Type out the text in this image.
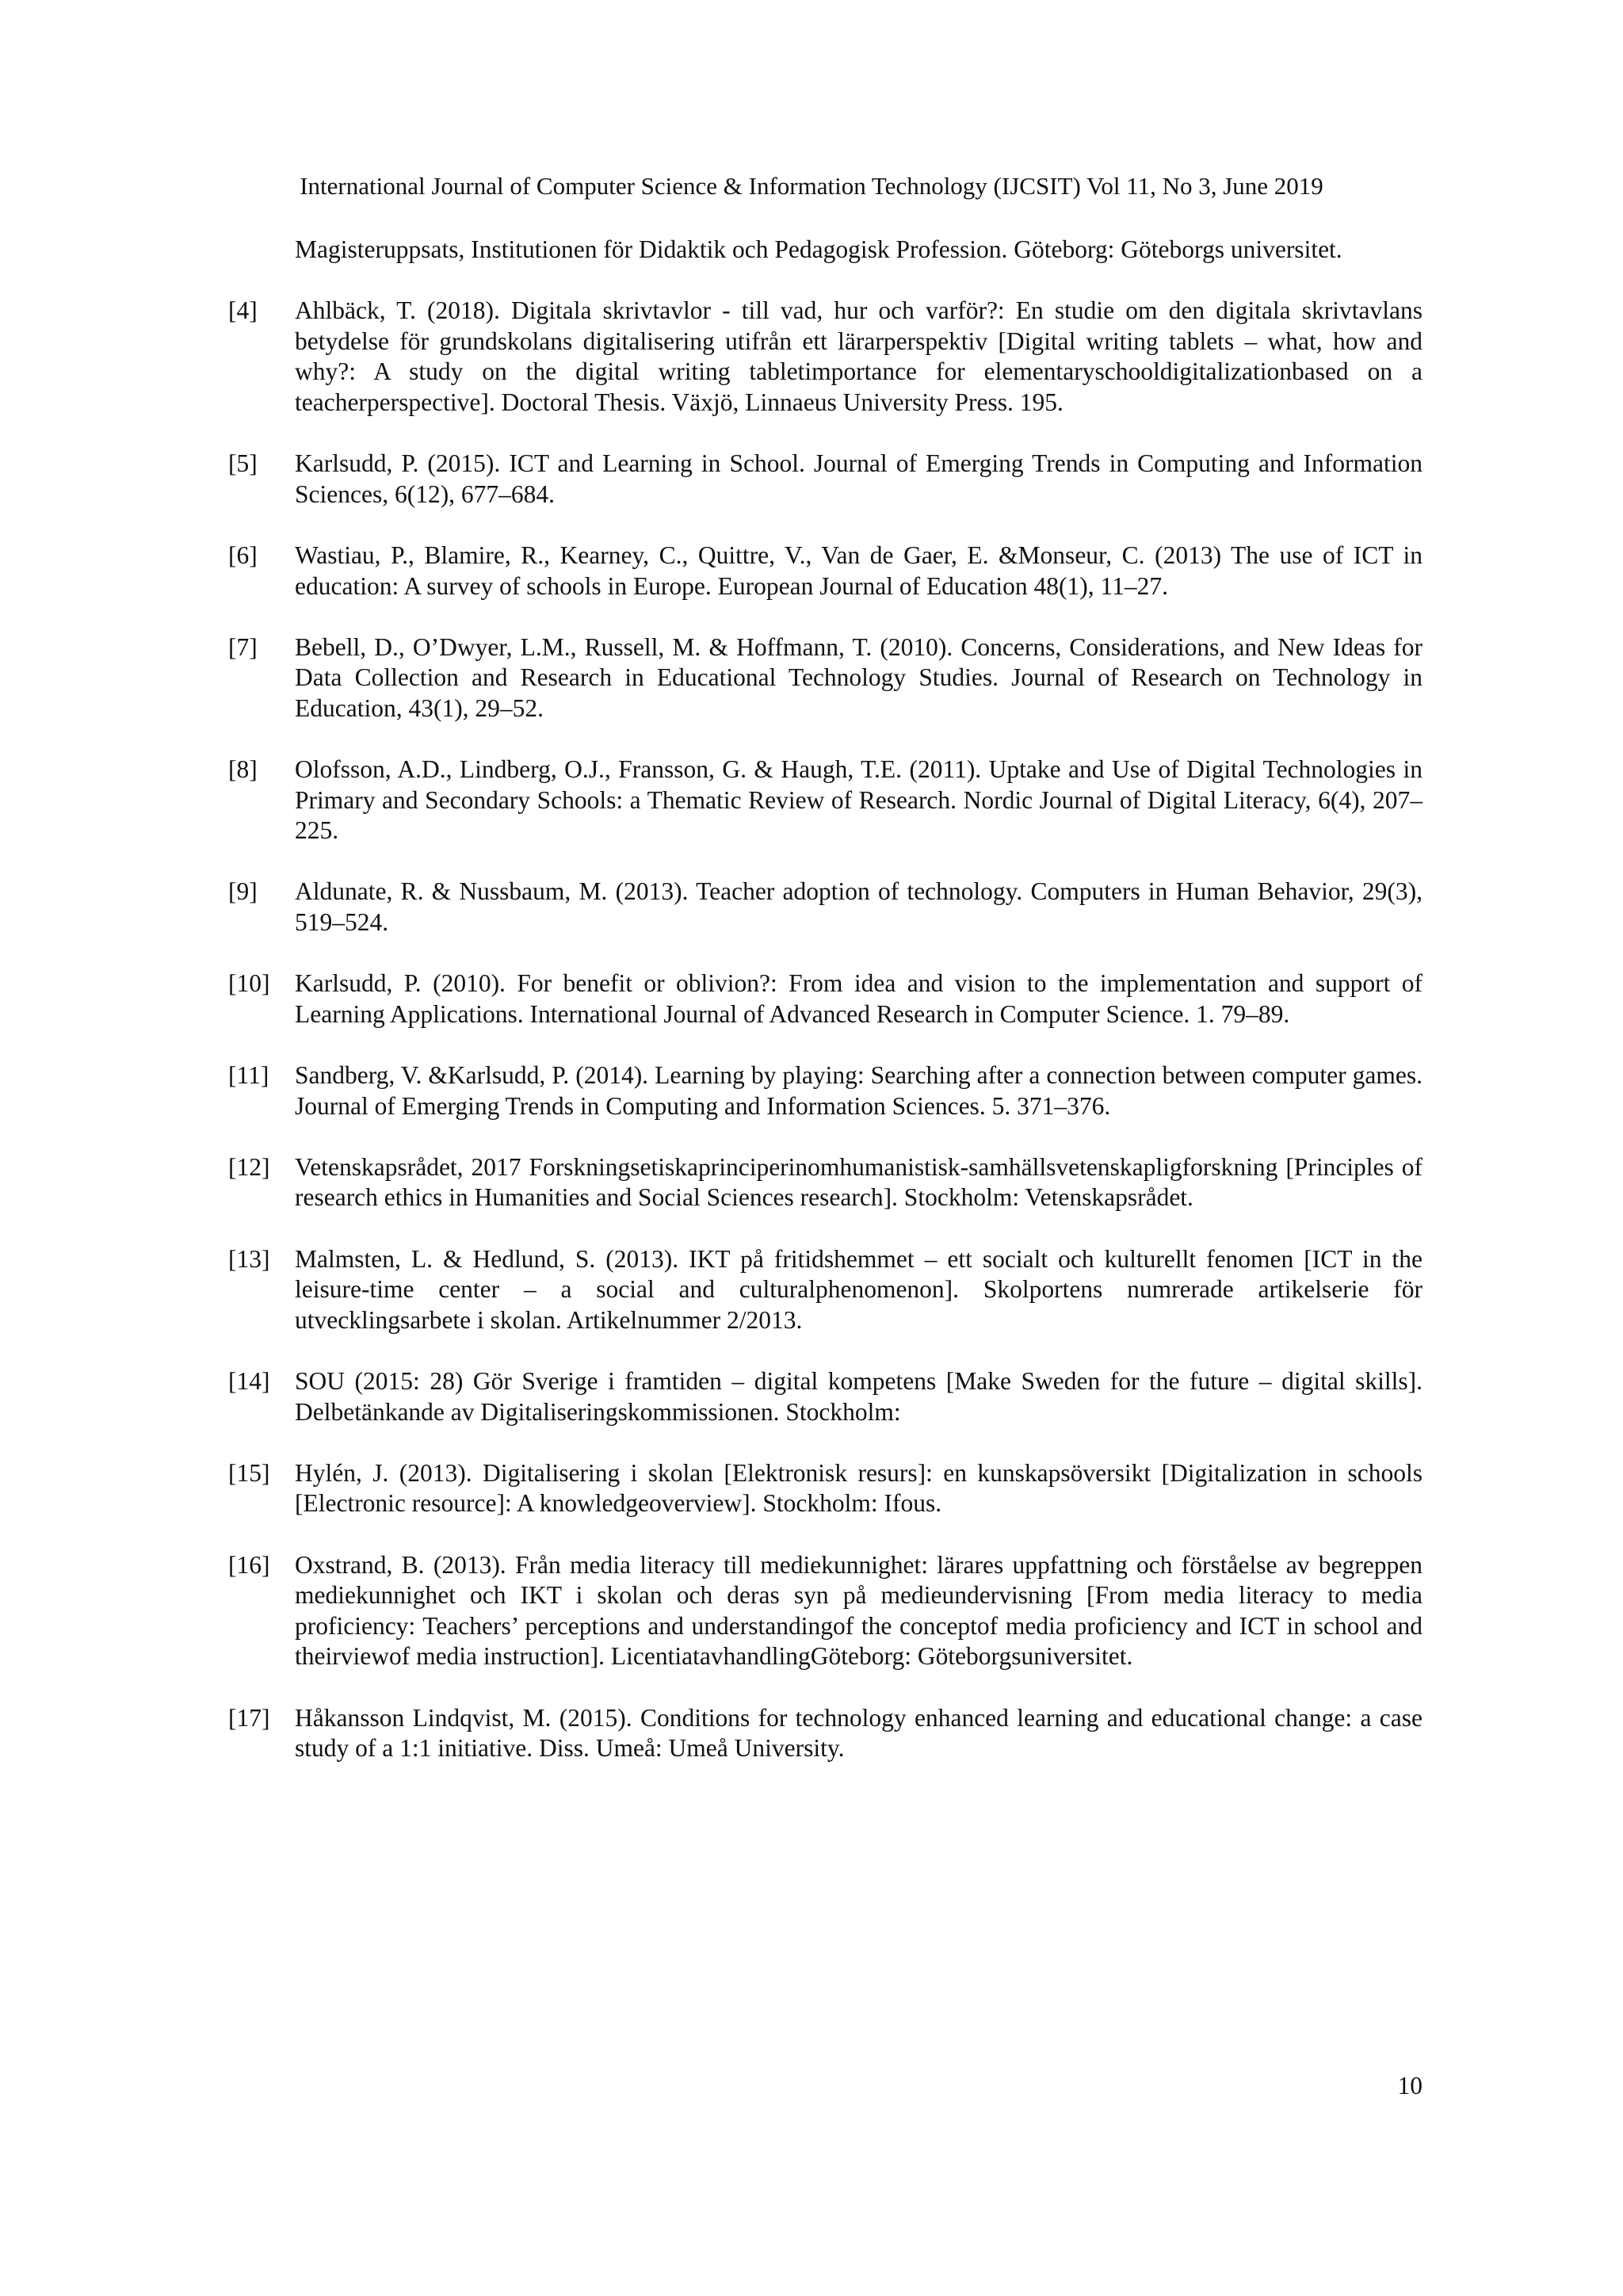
International Journal of Computer Science & Information Technology (IJCSIT) Vol 11, No 3, June 2019
Magisteruppsats, Institutionen för Didaktik och Pedagogisk Profession. Göteborg: Göteborgs universitet.
[4]	Ahlbäck, T. (2018). Digitala skrivtavlor - till vad, hur och varför?: En studie om den digitala skrivtavlans betydelse för grundskolans digitalisering utifrån ett lärarperspektiv [Digital writing tablets – what, how and why?: A study on the digital writing tabletimportance for elementaryschooldigitalizationbased on a teacherperspective]. Doctoral Thesis. Växjö, Linnaeus University Press. 195.
[5]	Karlsudd, P. (2015). ICT and Learning in School. Journal of Emerging Trends in Computing and Information Sciences, 6(12), 677–684.
[6]	Wastiau, P., Blamire, R., Kearney, C., Quittre, V., Van de Gaer, E. &Monseur, C. (2013) The use of ICT in education: A survey of schools in Europe. European Journal of Education 48(1), 11–27.
[7]	Bebell, D., O’Dwyer, L.M., Russell, M. & Hoffmann, T. (2010). Concerns, Considerations, and New Ideas for Data Collection and Research in Educational Technology Studies. Journal of Research on Technology in Education, 43(1), 29–52.
[8]	Olofsson, A.D., Lindberg, O.J., Fransson, G. & Haugh, T.E. (2011). Uptake and Use of Digital Technologies in Primary and Secondary Schools: a Thematic Review of Research. Nordic Journal of Digital Literacy, 6(4), 207–225.
[9]	Aldunate, R. & Nussbaum, M. (2013). Teacher adoption of technology. Computers in Human Behavior, 29(3), 519–524.
[10]	Karlsudd, P. (2010). For benefit or oblivion?: From idea and vision to the implementation and support of Learning Applications. International Journal of Advanced Research in Computer Science. 1. 79–89.
[11]	Sandberg, V. &Karlsudd, P. (2014). Learning by playing: Searching after a connection between computer games. Journal of Emerging Trends in Computing and Information Sciences. 5. 371–376.
[12]	Vetenskapsrådet, 2017 Forskningsetiskaprinciperinomhumanistisk-samhällsvetenskapligforskning [Principles of research ethics in Humanities and Social Sciences research]. Stockholm: Vetenskapsrådet.
[13]	Malmsten, L. & Hedlund, S. (2013). IKT på fritidshemmet – ett socialt och kulturellt fenomen [ICT in the leisure-time center – a social and culturalphenomenon]. Skolportens numrerade artikelserie för utvecklingsarbete i skolan. Artikelnummer 2/2013.
[14]	SOU (2015: 28) Gör Sverige i framtiden – digital kompetens [Make Sweden for the future – digital skills]. Delbetänkande av Digitaliseringskommissionen. Stockholm:
[15]	Hylén, J. (2013). Digitalisering i skolan [Elektronisk resurs]: en kunskapsöversikt [Digitalization in schools [Electronic resource]: A knowledgeoverview]. Stockholm: Ifous.
[16]	Oxstrand, B. (2013). Från media literacy till mediekunnighet: lärares uppfattning och förståelse av begreppen mediekunnighet och IKT i skolan och deras syn på medieundervisning [From media literacy to media proficiency: Teachers’ perceptions and understandingof the conceptof media proficiency and ICT in school and theirviewof media instruction]. LicentiatavhandlingGöteborg: Göteborgsuniversitet.
[17]	Håkansson Lindqvist, M. (2015). Conditions for technology enhanced learning and educational change: a case study of a 1:1 initiative. Diss. Umeå: Umeå University.
10
